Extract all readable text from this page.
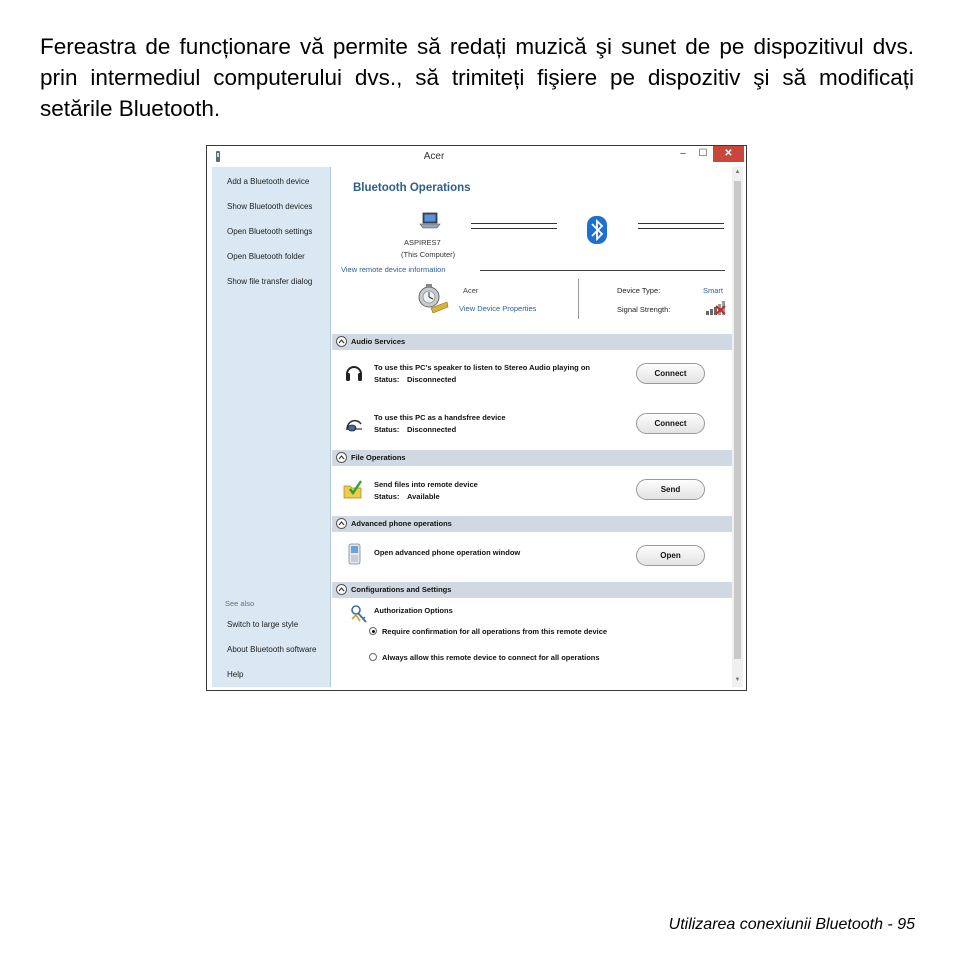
Fereastra de funcționare vă permite să redați muzică şi sunet de pe dispozitivul dvs. prin intermediul computerului dvs., să trimiteți fişiere pe dispozitiv şi să modificați setările Bluetooth.
Acer	–	☐	✕
Add a Bluetooth device
Show Bluetooth devices
Open Bluetooth settings
Open Bluetooth folder
Show file transfer dialog
See also
Switch to large style
About Bluetooth software
Help
Bluetooth Operations
ASPIRES7
(This Computer)
View remote device information
Acer
View Device Properties
Device Type:	Smart
Signal Strength:
Audio Services
To use this PC's speaker to listen to Stereo Audio playing on
Status: Disconnected
Connect
To use this PC as a handsfree device
Status: Disconnected
Connect
File Operations
Send files into remote device
Status: Available
Send
Advanced phone operations
Open advanced phone operation window	Open
Configurations and Settings
Authorization Options
Require confirmation for all operations from this remote device
Always allow this remote device to connect for all operations
▲
▼
Utilizarea conexiunii Bluetooth - 95
